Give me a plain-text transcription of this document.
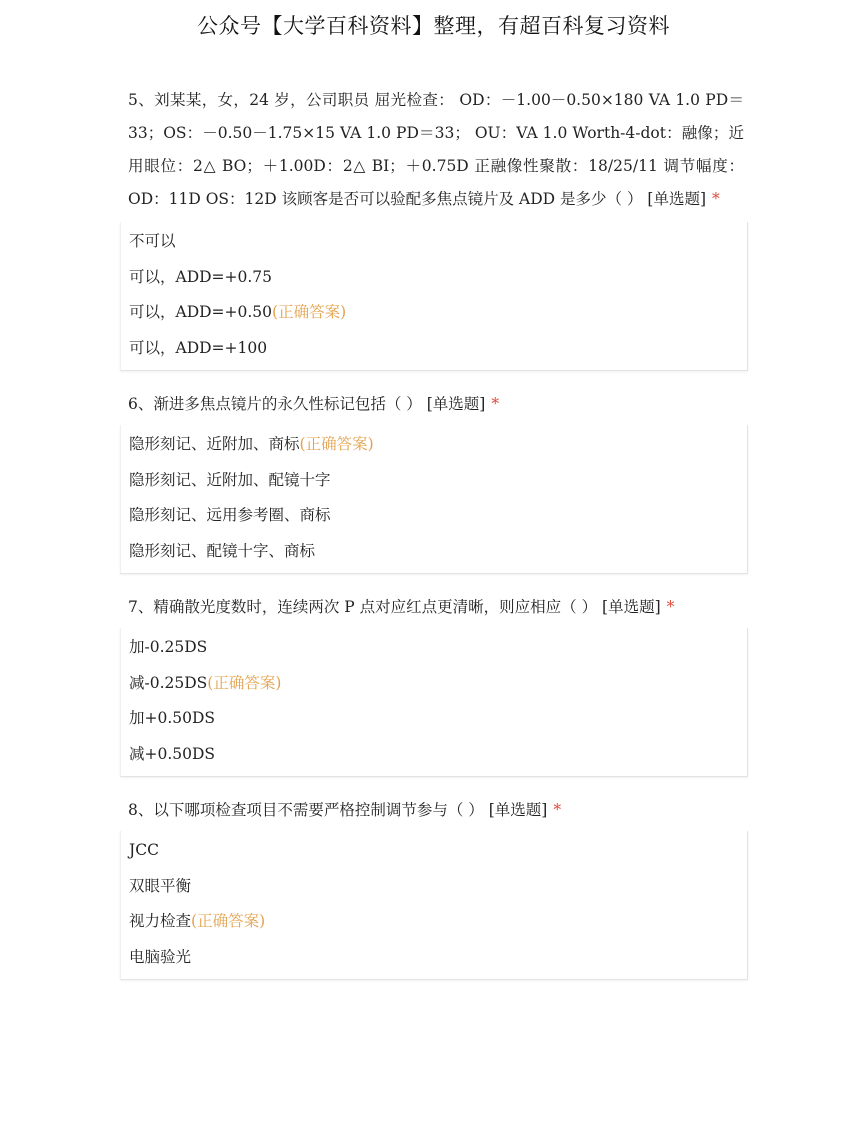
公众号【大学百科资料】整理，有超百科复习资料
5、刘某某，女，24 岁，公司职员 屈光检查： OD：－1.00－0.50×180 VA 1.0 PD＝33；OS：－0.50－1.75×15 VA 1.0 PD＝33； OU：VA 1.0 Worth-4-dot：融像；近用眼位：2△ BO；＋1.00D：2△ BI；＋0.75D 正融像性聚散：18/25/11 调节幅度： OD：11D OS：12D 该顾客是否可以验配多焦点镜片及 ADD 是多少（ ） [单选题] *
不可以
可以，ADD=+0.75
可以，ADD=+0.50(正确答案)
可以，ADD=+100
6、渐进多焦点镜片的永久性标记包括（ ） [单选题] *
隐形刻记、近附加、商标(正确答案)
隐形刻记、近附加、配镜十字
隐形刻记、远用参考圈、商标
隐形刻记、配镜十字、商标
7、精确散光度数时，连续两次 P 点对应红点更清晰，则应相应（ ） [单选题] *
加-0.25DS
减-0.25DS(正确答案)
加+0.50DS
减+0.50DS
8、以下哪项检查项目不需要严格控制调节参与（ ） [单选题] *
JCC
双眼平衡
视力检查(正确答案)
电脑验光
